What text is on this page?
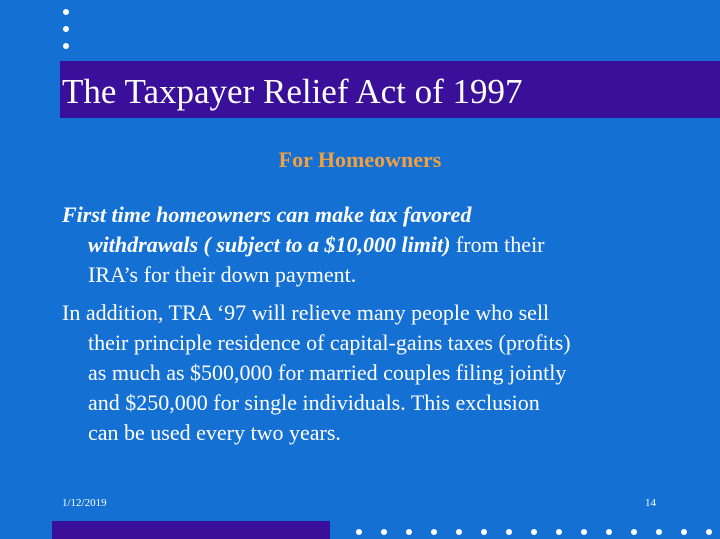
The Taxpayer Relief Act of 1997
For Homeowners
First time homeowners can make tax favored
withdrawals ( subject to a $10,000 limit) from their
IRA’s for their down payment.
In addition, TRA ‘97 will relieve many people who sell
their principle residence of capital-gains taxes (profits)
as much as $500,000 for married couples filing jointly
and $250,000 for single individuals. This exclusion
can be used every two years.
1/12/2019	14
